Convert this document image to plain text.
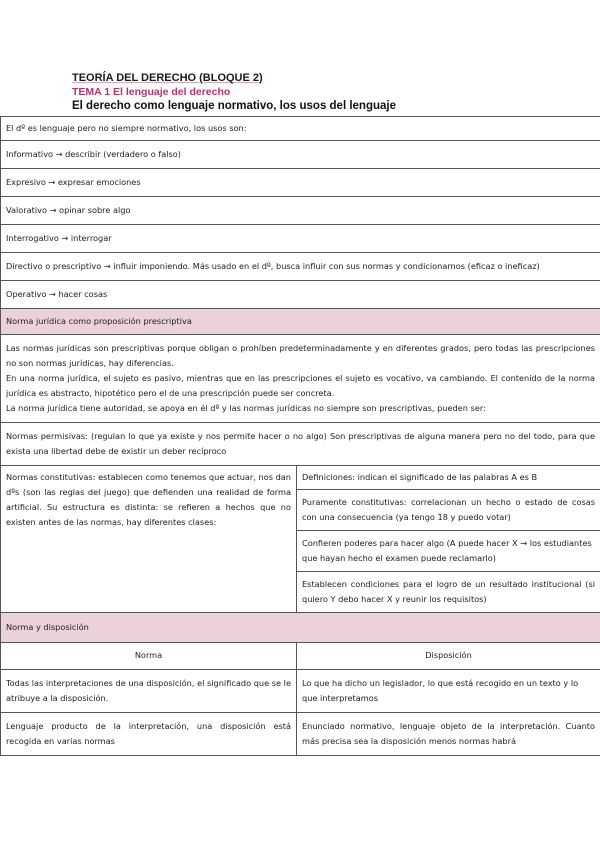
TEORÍA DEL DERECHO (BLOQUE 2)
TEMA 1 El lenguaje del derecho
El derecho como lenguaje normativo, los usos del lenguaje
El dº es lenguaje pero no siempre normativo, los usos son:	
Informativo → describir (verdadero o falso)	
Expresivo → expresar emociones	
Valorativo → opinar sobre algo	
Interrogativo → interrogar	
Directivo o prescriptivo → influir imponiendo. Más usado en el dº, busca influir con sus normas y condicionarnos (eficaz o ineficaz)	
Operativo → hacer cosas	
Norma jurídica como proposición prescriptiva	

Las normas jurídicas son prescriptivas porque obligan o prohíben predeterminadamente y en diferentes grados, pero todas las prescripciones no son normas jurídicas, hay diferencias.

En una norma jurídica, el sujeto es pasivo, mientras que en las prescripciones el sujeto es vocativo, va cambiando. El contenido de la norma jurídica es abstracto, hipotético pero el de una prescripción puede ser concreta.

La norma jurídica tiene autoridad, se apoya en él dº y las normas jurídicas no siempre son prescriptivas, pueden ser:	

Normas permisivas: (regulan lo que ya existe y nos permite hacer o no algo) Son prescriptivas de alguna manera pero no del todo, para que exista una libertad debe de existir un deber recíproco	
Normas constitutivas: establecen como tenemos que actuar, nos dan dºs (son las reglas del juego) que defienden una realidad de forma artificial. Su estructura es distinta: se refieren a hechos que no existen antes de las normas, hay diferentes clases:	Definiciones: indican el significado de las palabras A es B
	Puramente constitutivas: correlacionan un hecho o estado de cosas con una consecuencia (ya tengo 18 y puedo votar)
	Confieren poderes para hacer algo (A puede hacer X → los estudiantes que hayan hecho el examen puede reclamarlo)
	Establecen condiciones para el logro de un resultado institucional (si quiero Y debo hacer X y reunir los requisitos)
Norma y disposición	
Norma	Disposición
Todas las interpretaciones de una disposición, el significado que se le atribuye a la disposición.	Lo que ha dicho un legislador, lo que está recogido en un texto y lo que interpretamos
Lenguaje producto de la interpretación, una disposición está recogida en varias normas	Enunciado normativo, lenguaje objeto de la interpretación. Cuanto más precisa sea la disposición menos normas habrá
